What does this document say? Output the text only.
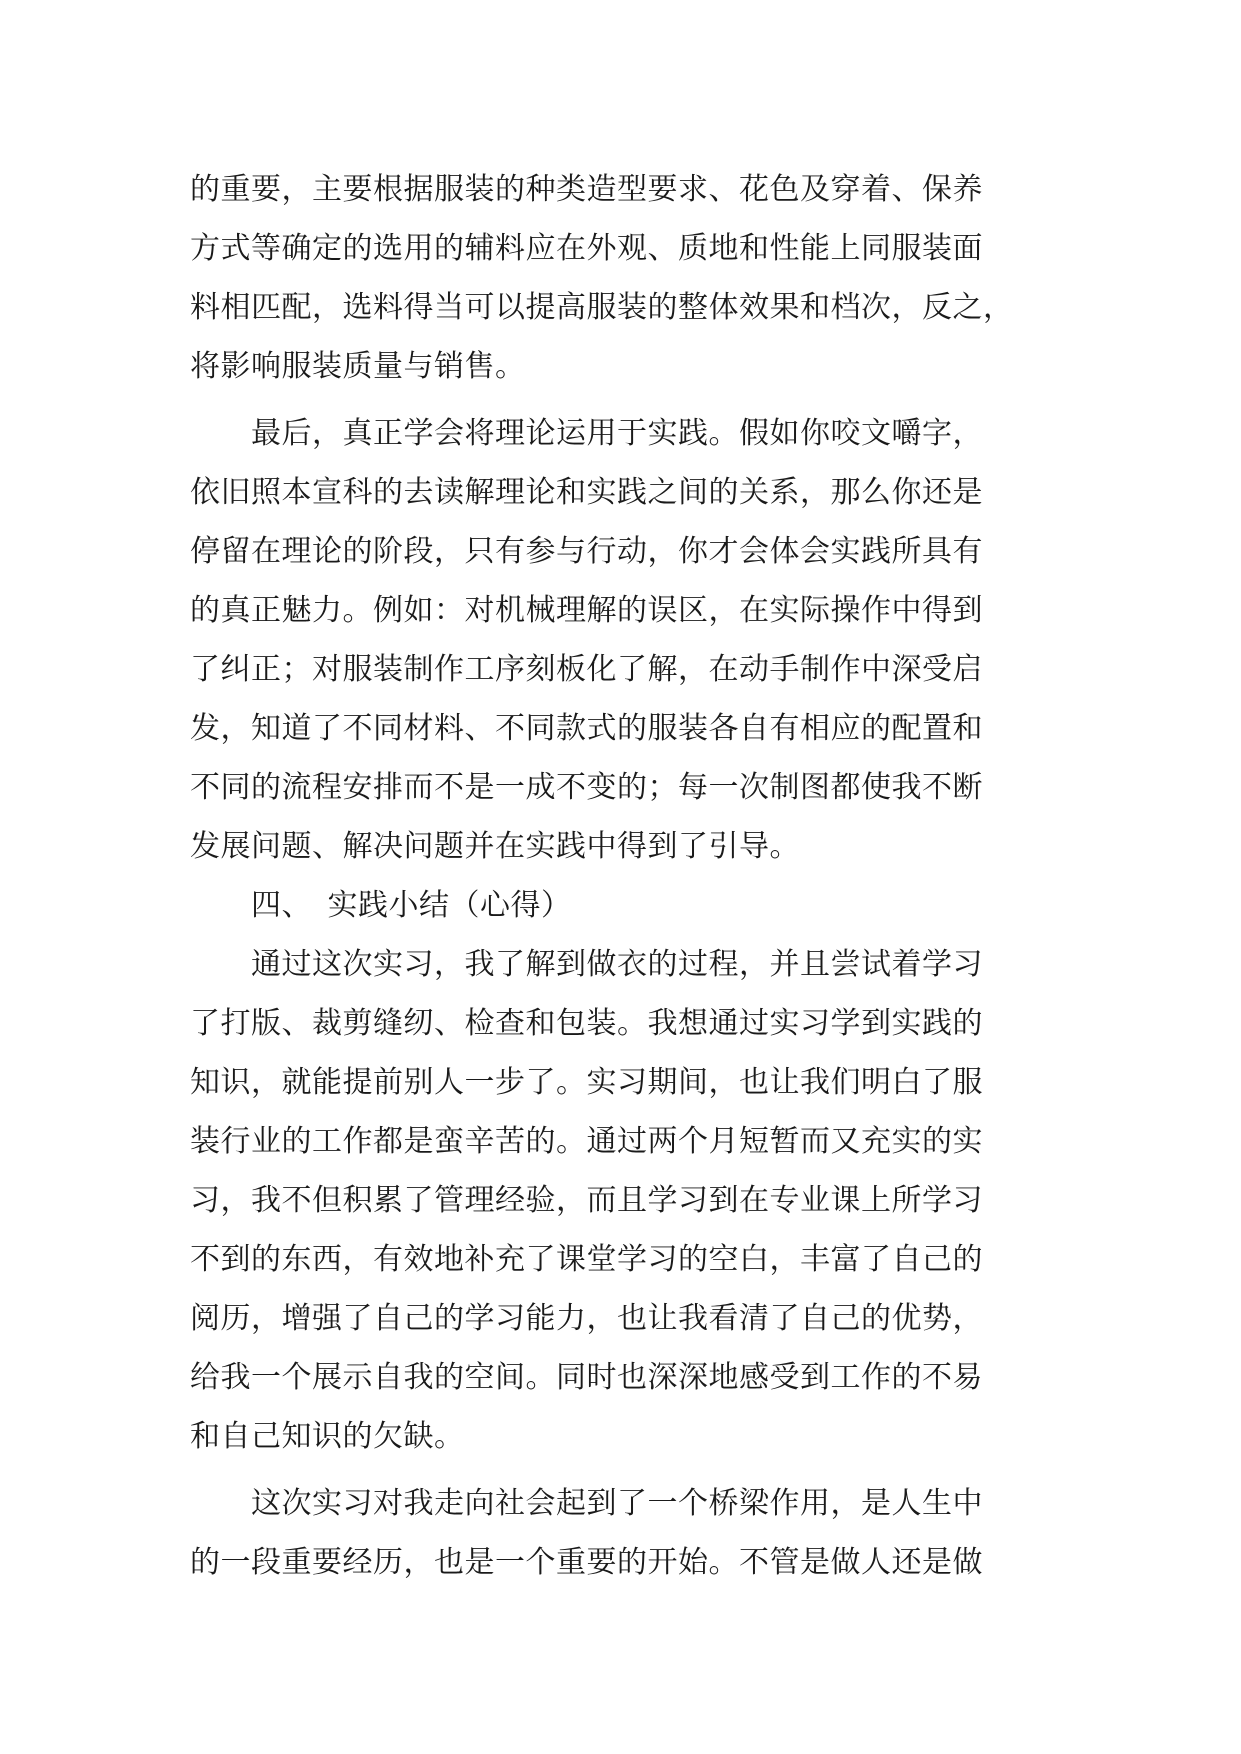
的重要，主要根据服装的种类造型要求、花色及穿着、保养
方式等确定的选用的辅料应在外观、质地和性能上同服装面
料相匹配，选料得当可以提高服装的整体效果和档次，反之，
将影响服装质量与销售。
　　最后，真正学会将理论运用于实践。假如你咬文嚼字，
依旧照本宣科的去读解理论和实践之间的关系，那么你还是
停留在理论的阶段，只有参与行动，你才会体会实践所具有
的真正魅力。例如：对机械理解的误区，在实际操作中得到
了纠正；对服装制作工序刻板化了解，在动手制作中深受启
发，知道了不同材料、不同款式的服装各自有相应的配置和
不同的流程安排而不是一成不变的；每一次制图都使我不断
发展问题、解决问题并在实践中得到了引导。
　　四、　实践小结（心得）
　　通过这次实习，我了解到做衣的过程，并且尝试着学习
了打版、裁剪缝纫、检查和包装。我想通过实习学到实践的
知识，就能提前别人一步了。实习期间，也让我们明白了服
装行业的工作都是蛮辛苦的。通过两个月短暂而又充实的实
习，我不但积累了管理经验，而且学习到在专业课上所学习
不到的东西，有效地补充了课堂学习的空白，丰富了自己的
阅历，增强了自己的学习能力，也让我看清了自己的优势，
给我一个展示自我的空间。同时也深深地感受到工作的不易
和自己知识的欠缺。
　　这次实习对我走向社会起到了一个桥梁作用，是人生中
的一段重要经历，也是一个重要的开始。不管是做人还是做
